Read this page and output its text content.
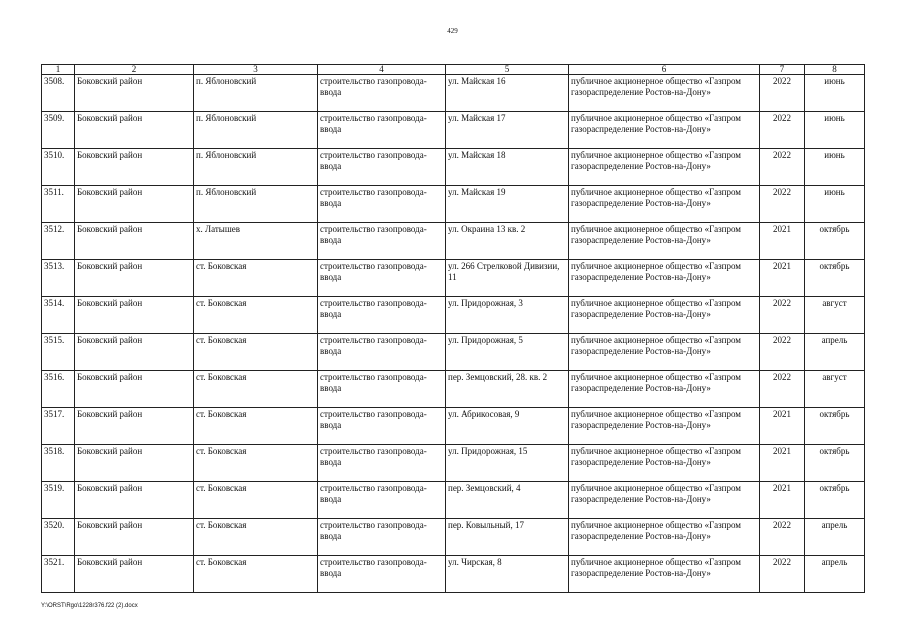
429
1	2	3	4	5	6	7	8
3508.	Боковский район	п. Яблоновский	строительство газопровода-ввода	ул. Майская 16	публичное акционерное общество «Газпром газораспределение Ростов-на-Дону»	2022	июнь
3509.	Боковский район	п. Яблоновский	строительство газопровода-ввода	ул. Майская 17	публичное акционерное общество «Газпром газораспределение Ростов-на-Дону»	2022	июнь
3510.	Боковский район	п. Яблоновский	строительство газопровода-ввода	ул. Майская 18	публичное акционерное общество «Газпром газораспределение Ростов-на-Дону»	2022	июнь
3511.	Боковский район	п. Яблоновский	строительство газопровода-ввода	ул. Майская 19	публичное акционерное общество «Газпром газораспределение Ростов-на-Дону»	2022	июнь
3512.	Боковский район	х. Латышев	строительство газопровода-ввода	ул. Окраина 13 кв. 2	публичное акционерное общество «Газпром газораспределение Ростов-на-Дону»	2021	октябрь
3513.	Боковский район	ст. Боковская	строительство газопровода-ввода	ул. 266 Стрелковой Дивизии, 11	публичное акционерное общество «Газпром газораспределение Ростов-на-Дону»	2021	октябрь
3514.	Боковский район	ст. Боковская	строительство газопровода-ввода	ул. Придорожная, 3	публичное акционерное общество «Газпром газораспределение Ростов-на-Дону»	2022	август
3515.	Боковский район	ст. Боковская	строительство газопровода-ввода	ул. Придорожная, 5	публичное акционерное общество «Газпром газораспределение Ростов-на-Дону»	2022	апрель
3516.	Боковский район	ст. Боковская	строительство газопровода-ввода	пер. Земцовский, 28. кв. 2	публичное акционерное общество «Газпром газораспределение Ростов-на-Дону»	2022	август
3517.	Боковский район	ст. Боковская	строительство газопровода-ввода	ул. Абрикосовая, 9	публичное акционерное общество «Газпром газораспределение Ростов-на-Дону»	2021	октябрь
3518.	Боковский район	ст. Боковская	строительство газопровода-ввода	ул. Придорожная, 15	публичное акционерное общество «Газпром газораспределение Ростов-на-Дону»	2021	октябрь
3519.	Боковский район	ст. Боковская	строительство газопровода-ввода	пер. Земцовский, 4	публичное акционерное общество «Газпром газораспределение Ростов-на-Дону»	2021	октябрь
3520.	Боковский район	ст. Боковская	строительство газопровода-ввода	пер. Ковыльный, 17	публичное акционерное общество «Газпром газораспределение Ростов-на-Дону»	2022	апрель
3521.	Боковский район	ст. Боковская	строительство газопровода-ввода	ул. Чирская, 8	публичное акционерное общество «Газпром газораспределение Ростов-на-Дону»	2022	апрель
Y:\ORST\Rgo\1228r376.f22 (2).docx
